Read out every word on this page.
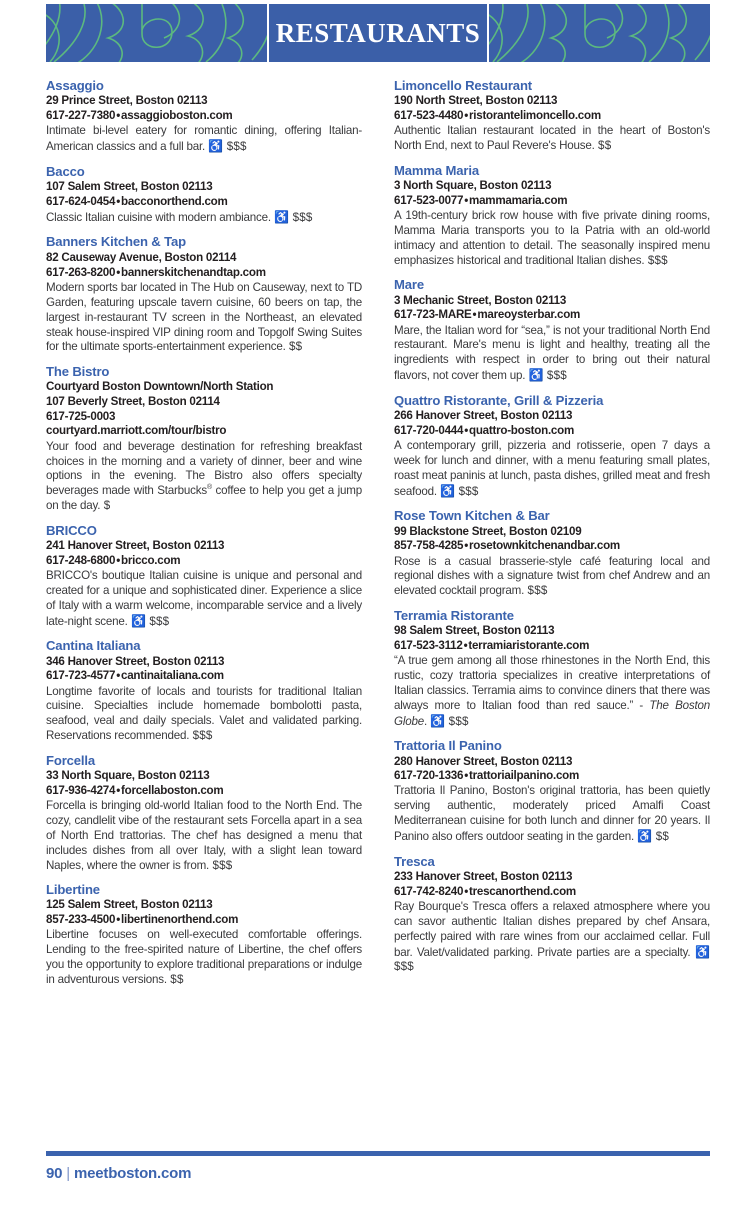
RESTAURANTS
Assaggio
29 Prince Street, Boston 02113
617-227-7380•assaggioboston.com
Intimate bi-level eatery for romantic dining, offering Italian-American classics and a full bar. ♿ $$$
Bacco
107 Salem Street, Boston 02113
617-624-0454•bacconorthend.com
Classic Italian cuisine with modern ambiance. ♿ $$$
Banners Kitchen & Tap
82 Causeway Avenue, Boston 02114
617-263-8200•bannerskitchenandtap.com
Modern sports bar located in The Hub on Causeway, next to TD Garden, featuring upscale tavern cuisine, 60 beers on tap, the largest in-restaurant TV screen in the Northeast, an elevated steak house-inspired VIP dining room and Topgolf Swing Suites for the ultimate sports-entertainment experience. $$
The Bistro
Courtyard Boston Downtown/North Station
107 Beverly Street, Boston 02114
617-725-0003
courtyard.marriott.com/tour/bistro
Your food and beverage destination for refreshing breakfast choices in the morning and a variety of dinner, beer and wine options in the evening. The Bistro also offers specialty beverages made with Starbucks® coffee to help you get a jump on the day. $
BRICCO
241 Hanover Street, Boston 02113
617-248-6800•bricco.com
BRICCO's boutique Italian cuisine is unique and personal and created for a unique and sophisticated diner. Experience a slice of Italy with a warm welcome, incomparable service and a lively late-night scene. ♿ $$$
Cantina Italiana
346 Hanover Street, Boston 02113
617-723-4577•cantinaitaliana.com
Longtime favorite of locals and tourists for traditional Italian cuisine. Specialties include homemade bombolotti pasta, seafood, veal and daily specials. Valet and validated parking. Reservations recommended. $$$
Forcella
33 North Square, Boston 02113
617-936-4274•forcellaboston.com
Forcella is bringing old-world Italian food to the North End. The cozy, candlelit vibe of the restaurant sets Forcella apart in a sea of North End trattorias. The chef has designed a menu that includes dishes from all over Italy, with a slight lean toward Naples, where the owner is from. $$$
Libertine
125 Salem Street, Boston 02113
857-233-4500•libertinenorthend.com
Libertine focuses on well-executed comfortable offerings. Lending to the free-spirited nature of Libertine, the chef offers you the opportunity to explore traditional preparations or indulge in adventurous versions. $$
Limoncello Restaurant
190 North Street, Boston 02113
617-523-4480•ristorantelimoncello.com
Authentic Italian restaurant located in the heart of Boston's North End, next to Paul Revere's House. $$
Mamma Maria
3 North Square, Boston 02113
617-523-0077•mammamaria.com
A 19th-century brick row house with five private dining rooms, Mamma Maria transports you to la Patria with an old-world intimacy and attention to detail. The seasonally inspired menu emphasizes historical and traditional Italian dishes. $$$
Mare
3 Mechanic Street, Boston 02113
617-723-MARE•mareoysterbar.com
Mare, the Italian word for “sea,” is not your traditional North End restaurant. Mare's menu is light and healthy, treating all the ingredients with respect in order to bring out their natural flavors, not cover them up. ♿ $$$
Quattro Ristorante, Grill & Pizzeria
266 Hanover Street, Boston 02113
617-720-0444•quattro-boston.com
A contemporary grill, pizzeria and rotisserie, open 7 days a week for lunch and dinner, with a menu featuring small plates, roast meat paninis at lunch, pasta dishes, grilled meat and fresh seafood. ♿ $$$
Rose Town Kitchen & Bar
99 Blackstone Street, Boston 02109
857-758-4285•rosetownkitchenandbar.com
Rose is a casual brasserie-style café featuring local and regional dishes with a signature twist from chef Andrew and an elevated cocktail program. $$$
Terramia Ristorante
98 Salem Street, Boston 02113
617-523-3112•terramiaristorante.com
“A true gem among all those rhinestones in the North End, this rustic, cozy trattoria specializes in creative interpretations of Italian classics. Terramia aims to convince diners that there was always more to Italian food than red sauce.” - The Boston Globe. ♿ $$$
Trattoria Il Panino
280 Hanover Street, Boston 02113
617-720-1336•trattoriailpanino.com
Trattoria Il Panino, Boston's original trattoria, has been quietly serving authentic, moderately priced Amalfi Coast Mediterranean cuisine for both lunch and dinner for 20 years. Il Panino also offers outdoor seating in the garden. ♿ $$
Tresca
233 Hanover Street, Boston 02113
617-742-8240•trescanorthend.com
Ray Bourque's Tresca offers a relaxed atmosphere where you can savor authentic Italian dishes prepared by chef Ansara, perfectly paired with rare wines from our acclaimed cellar. Full bar. Valet/validated parking. Private parties are a specialty. ♿ $$$
90 | meetboston.com
